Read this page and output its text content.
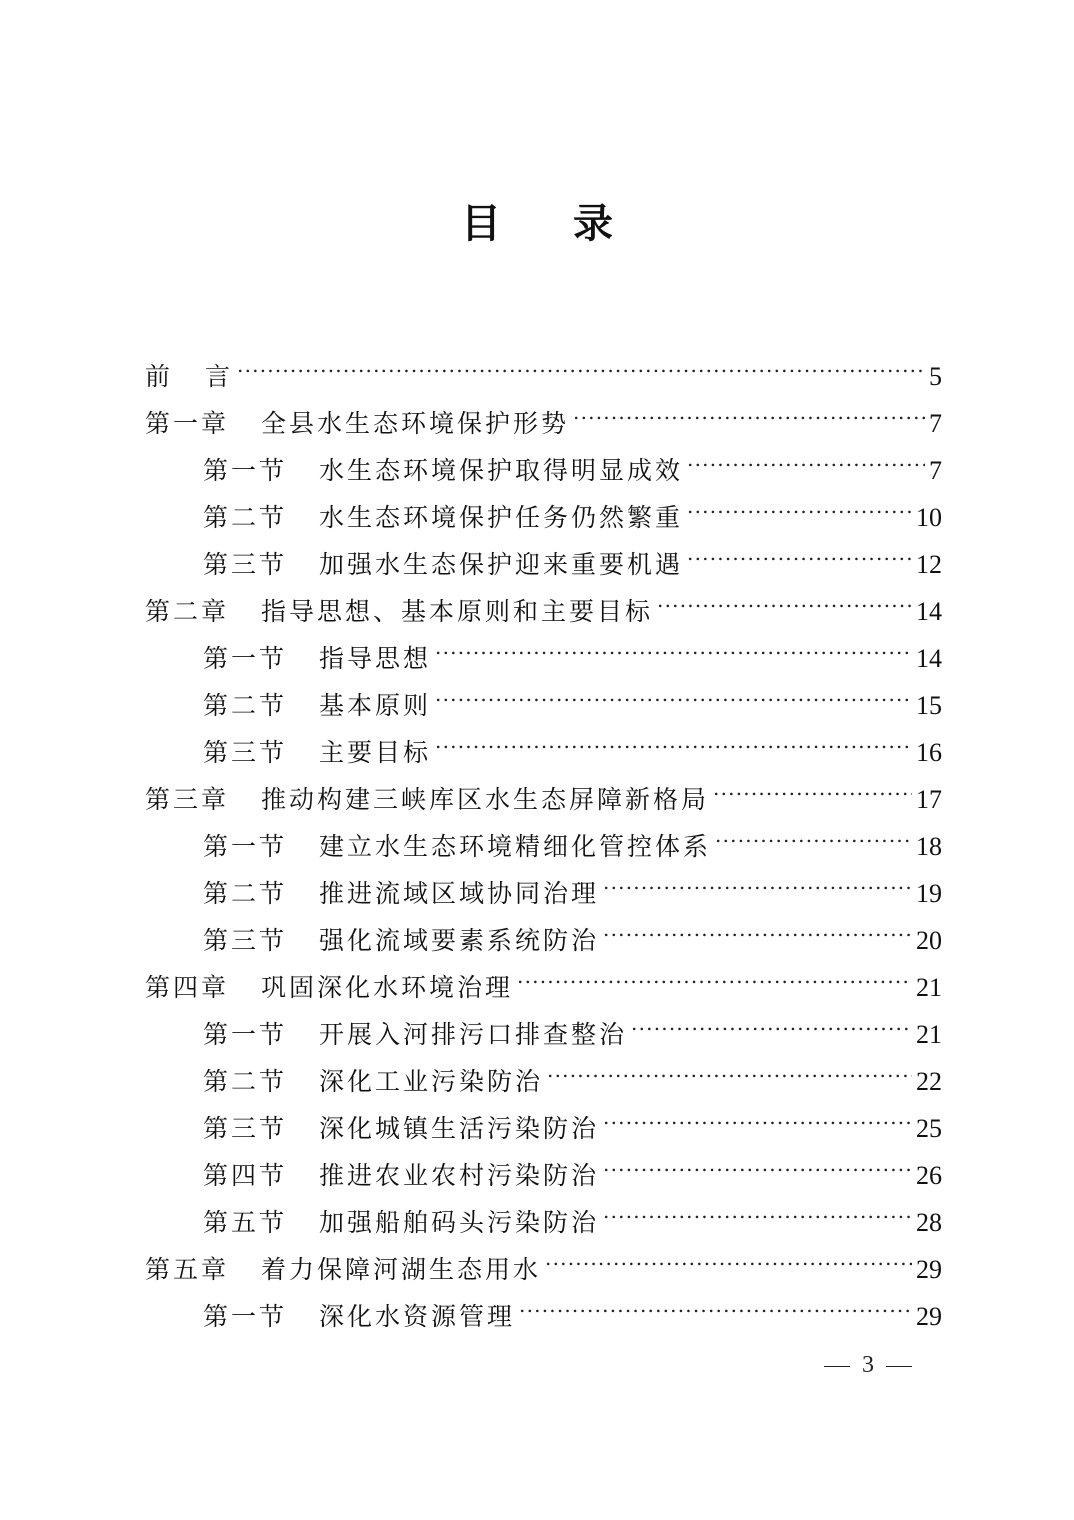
目 录
前 言 .....	5
第一章 全县水生态环境保护形势 .....	7
第一节 水生态环境保护取得明显成效 .....	7
第二节 水生态环境保护任务仍然繁重 .....	10
第三节 加强水生态保护迎来重要机遇 .....	12
第二章 指导思想、基本原则和主要目标 .....	14
第一节 指导思想 .....	14
第二节 基本原则 .....	15
第三节 主要目标 .....	16
第三章 推动构建三峡库区水生态屏障新格局 .....	17
第一节 建立水生态环境精细化管控体系 .....	18
第二节 推进流域区域协同治理 .....	19
第三节 强化流域要素系统防治 .....	20
第四章 巩固深化水环境治理 .....	21
第一节 开展入河排污口排查整治 .....	21
第二节 深化工业污染防治 .....	22
第三节 深化城镇生活污染防治 .....	25
第四节 推进农业农村污染防治 .....	26
第五节 加强船舶码头污染防治 .....	28
第五章 着力保障河湖生态用水 .....	29
第一节 深化水资源管理 .....	29
3
